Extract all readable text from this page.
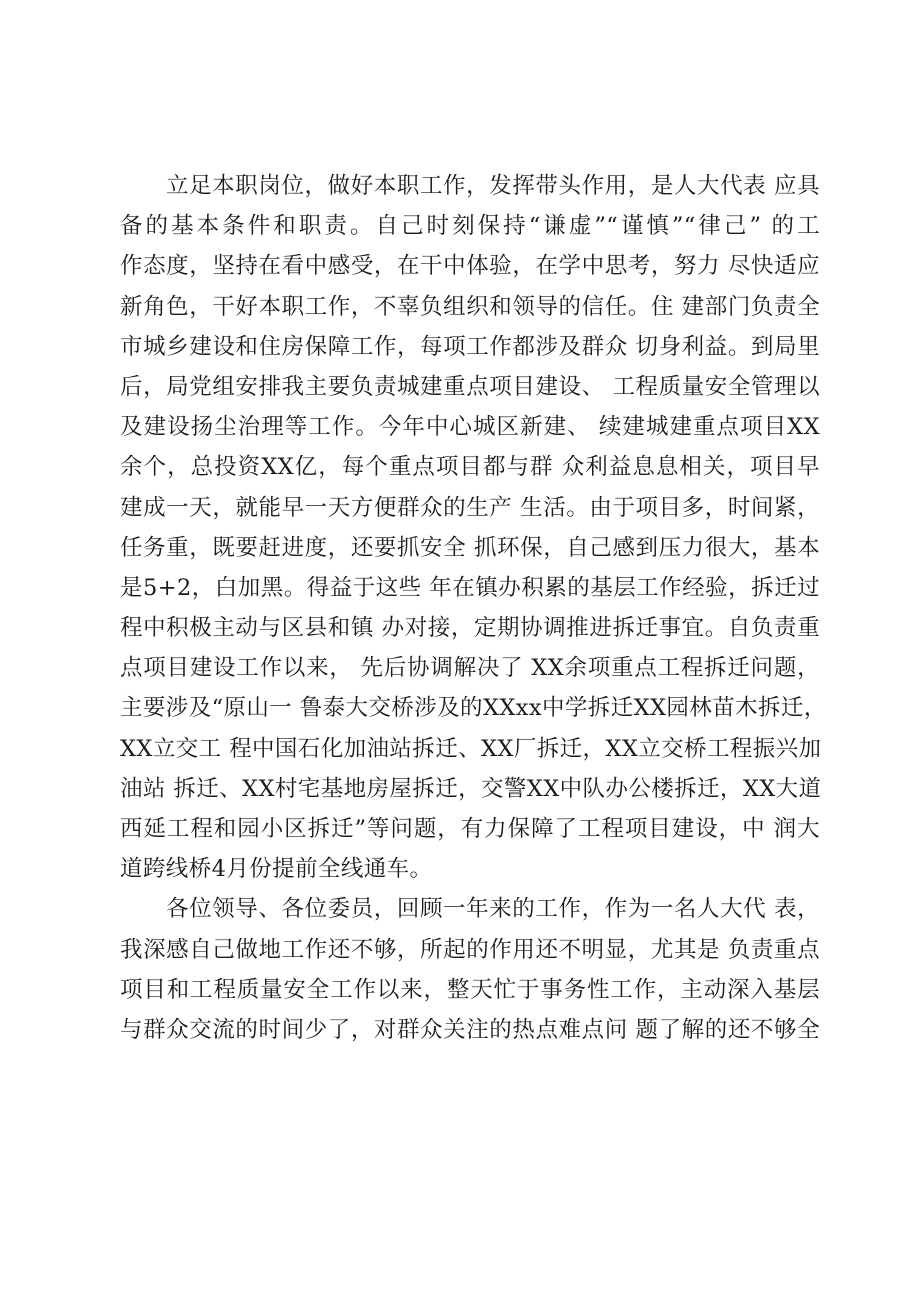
立足本职岗位，做好本职工作，发挥带头作用，是人大代表 应具
备的基本条件和职责。自己时刻保持“谦虚”“谨慎”“律己” 的工
作态度，坚持在看中感受，在干中体验，在学中思考，努力 尽快适应
新角色，干好本职工作，不辜负组织和领导的信任。住 建部门负责全
市城乡建设和住房保障工作，每项工作都涉及群众 切身利益。到局里
后，局党组安排我主要负责城建重点项目建设、 工程质量安全管理以
及建设扬尘治理等工作。今年中心城区新建、 续建城建重点项目XX
余个，总投资XX亿，每个重点项目都与群 众利益息息相关，项目早
建成一天，就能早一天方便群众的生产 生活。由于项目多，时间紧，
任务重，既要赶进度，还要抓安全 抓环保，自己感到压力很大，基本
是5+2，白加黑。得益于这些 年在镇办积累的基层工作经验，拆迁过
程中积极主动与区县和镇 办对接，定期协调推进拆迁事宜。自负责重
点项目建设工作以来， 先后协调解决了 XX余项重点工程拆迁问题，
主要涉及“原山一 鲁泰大交桥涉及的XXxx中学拆迁XX园林苗木拆迁，
XX立交工 程中国石化加油站拆迁、XX厂拆迁，XX立交桥工程振兴加
油站 拆迁、XX村宅基地房屋拆迁，交警XX中队办公楼拆迁，XX大道
西延工程和园小区拆迁”等问题，有力保障了工程项目建设，中 润大
道跨线桥4月份提前全线通车。
各位领导、各位委员，回顾一年来的工作，作为一名人大代 表，
我深感自己做地工作还不够，所起的作用还不明显，尤其是 负责重点
项目和工程质量安全工作以来，整天忙于事务性工作，主动深入基层
与群众交流的时间少了，对群众关注的热点难点问 题了解的还不够全
